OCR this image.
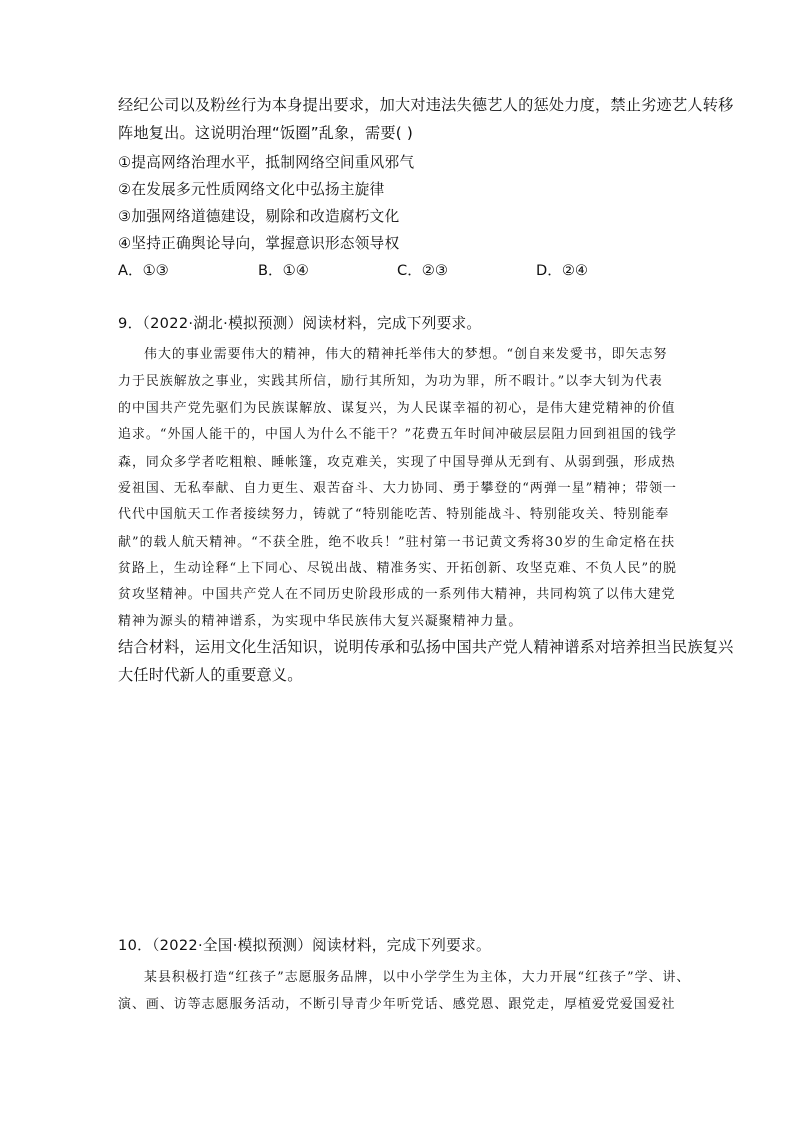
经纪公司以及粉丝行为本身提出要求，加大对违法失德艺人的惩处力度，禁止劣迹艺人转移
阵地复出。这说明治理“饭圈”乱象，需要( )
①提高网络治理水平，抵制网络空间重风邪气
②在发展多元性质网络文化中弘扬主旋律
③加强网络道德建设，剔除和改造腐朽文化
④坚持正确舆论导向，掌握意识形态领导权
A．①③	B．①④	C．②③	D．②④
9．（2022·湖北·模拟预测）阅读材料，完成下列要求。
伟大的事业需要伟大的精神，伟大的精神托举伟大的梦想。“创自来发愛书，即矢志努
力于民族解放之事业，实践其所信，励行其所知，为功为罪，所不暇计。”以李大钊为代表
的中国共产党先驱们为民族谋解放、谋复兴，为人民谋幸福的初心，是伟大建党精神的价值
追求。“外国人能干的，中国人为什么不能干？”花费五年时间冲破层层阻力回到祖国的钱学
森，同众多学者吃粗粮、睡帐篷，攻克难关，实现了中国导弹从无到有、从弱到强，形成热
爱祖国、无私奉献、自力更生、艰苦奋斗、大力协同、勇于攀登的“两弹一星”精神；带领一
代代中国航天工作者接续努力，铸就了“特别能吃苦、特别能战斗、特别能攻关、特别能奉
献”的载人航天精神。“不获全胜，绝不收兵！”驻村第一书记黄文秀将30岁的生命定格在扶
贫路上，生动诠释“上下同心、尽锐出战、精准务实、开拓创新、攻坚克难、不负人民”的脱
贫攻坚精神。中国共产党人在不同历史阶段形成的一系列伟大精神，共同构筑了以伟大建党
精神为源头的精神谱系，为实现中华民族伟大复兴凝聚精神力量。
结合材料，运用文化生活知识，说明传承和弘扬中国共产党人精神谱系对培养担当民族复兴
大任时代新人的重要意义。
10．（2022·全国·模拟预测）阅读材料，完成下列要求。
某县积极打造“红孩子”志愿服务品牌，以中小学学生为主体，大力开展“红孩子”学、讲、
演、画、访等志愿服务活动，不断引导青少年听党话、感党恩、跟党走，厚植爱党爱国爱社
